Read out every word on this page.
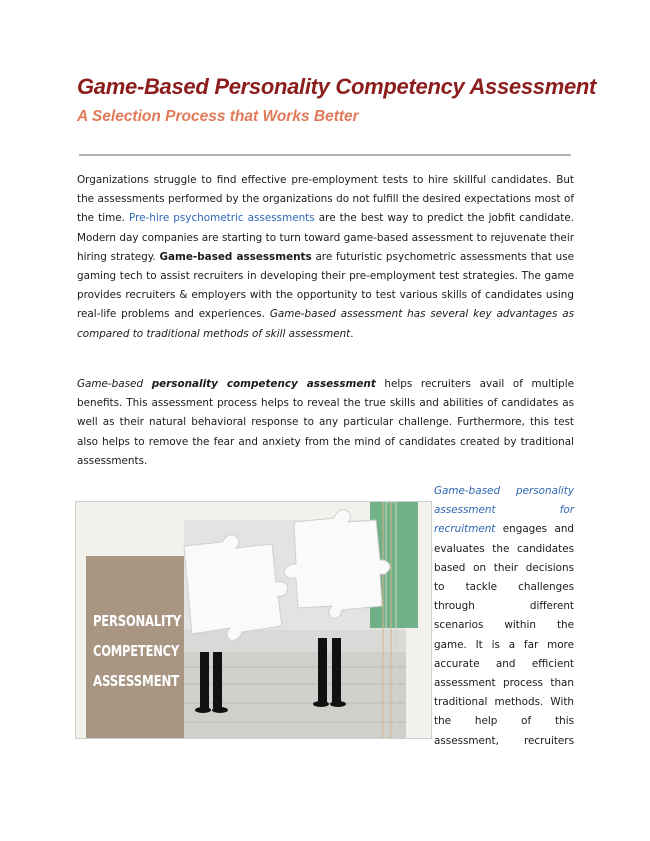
Game-Based Personality Competency Assessment
A Selection Process that Works Better

Organizations struggle to find effective pre-employment tests to hire skillful candidates. But the assessments performed by the organizations do not fulfill the desired expectations most of the time. Pre-hire psychometric assessments are the best way to predict the jobfit candidate. Modern day companies are starting to turn toward game-based assessment to rejuvenate their hiring strategy. Game-based assessments are futuristic psychometric assessments that use gaming tech to assist recruiters in developing their pre-employment test strategies. The game provides recruiters & employers with the opportunity to test various skills of candidates using real-life problems and experiences. Game-based assessment has several key advantages as compared to traditional methods of skill assessment.

Game-based personality competency assessment helps recruiters avail of multiple benefits. This assessment process helps to reveal the true skills and abilities of candidates as well as their natural behavioral response to any particular challenge. Furthermore, this test also helps to remove the fear and anxiety from the mind of candidates created by traditional assessments.

PERSONALITY
COMPETENCY
ASSESSMENT

Game-based personality assessment for recruitment engages and evaluates the candidates based on their decisions to tackle challenges through different scenarios within the game. It is a far more accurate and efficient assessment process than traditional methods. With the help of this assessment, recruiters
